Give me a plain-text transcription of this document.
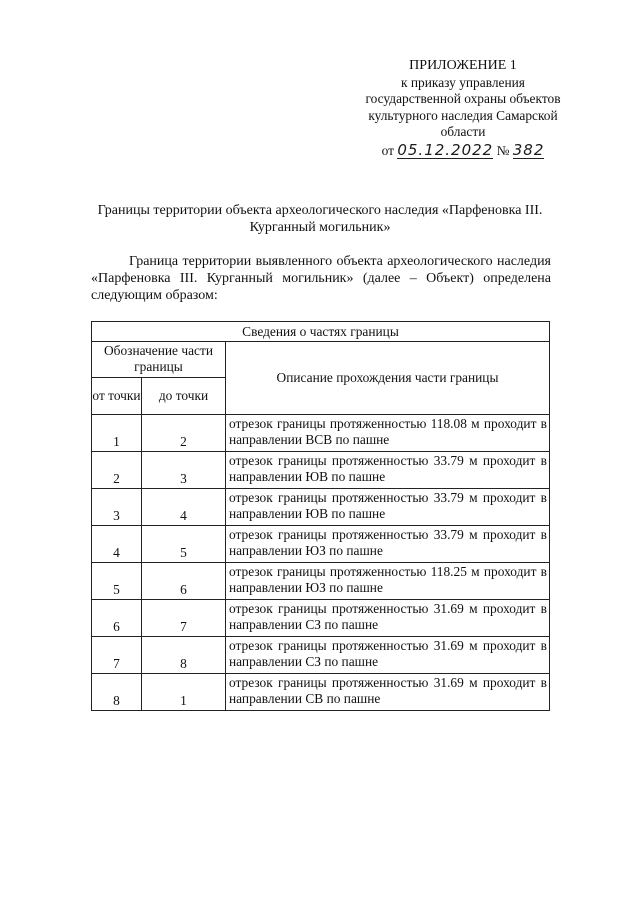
ПРИЛОЖЕНИЕ 1
к приказу управления
государственной охраны объектов
культурного наследия Самарской
области
от 05.12.2022 № 382
Границы территории объекта археологического наследия «Парфеновка III. Курганный могильник»
Граница территории выявленного объекта археологического наследия «Парфеновка III. Курганный могильник» (далее – Объект) определена следующим образом:
Сведения о частях границы		
Обозначение части границы		Описание прохождения части границы
от точки	до точки	
1	2	отрезок границы протяженностью 118.08 м проходит в направлении ВСВ по пашне
2	3	отрезок границы протяженностью 33.79 м проходит в направлении ЮВ по пашне
3	4	отрезок границы протяженностью 33.79 м проходит в направлении ЮВ по пашне
4	5	отрезок границы протяженностью 33.79 м проходит в направлении ЮЗ по пашне
5	6	отрезок границы протяженностью 118.25 м проходит в направлении ЮЗ по пашне
6	7	отрезок границы протяженностью 31.69 м проходит в направлении СЗ по пашне
7	8	отрезок границы протяженностью 31.69 м проходит в направлении СЗ по пашне
8	1	отрезок границы протяженностью 31.69 м проходит в направлении СВ по пашне
